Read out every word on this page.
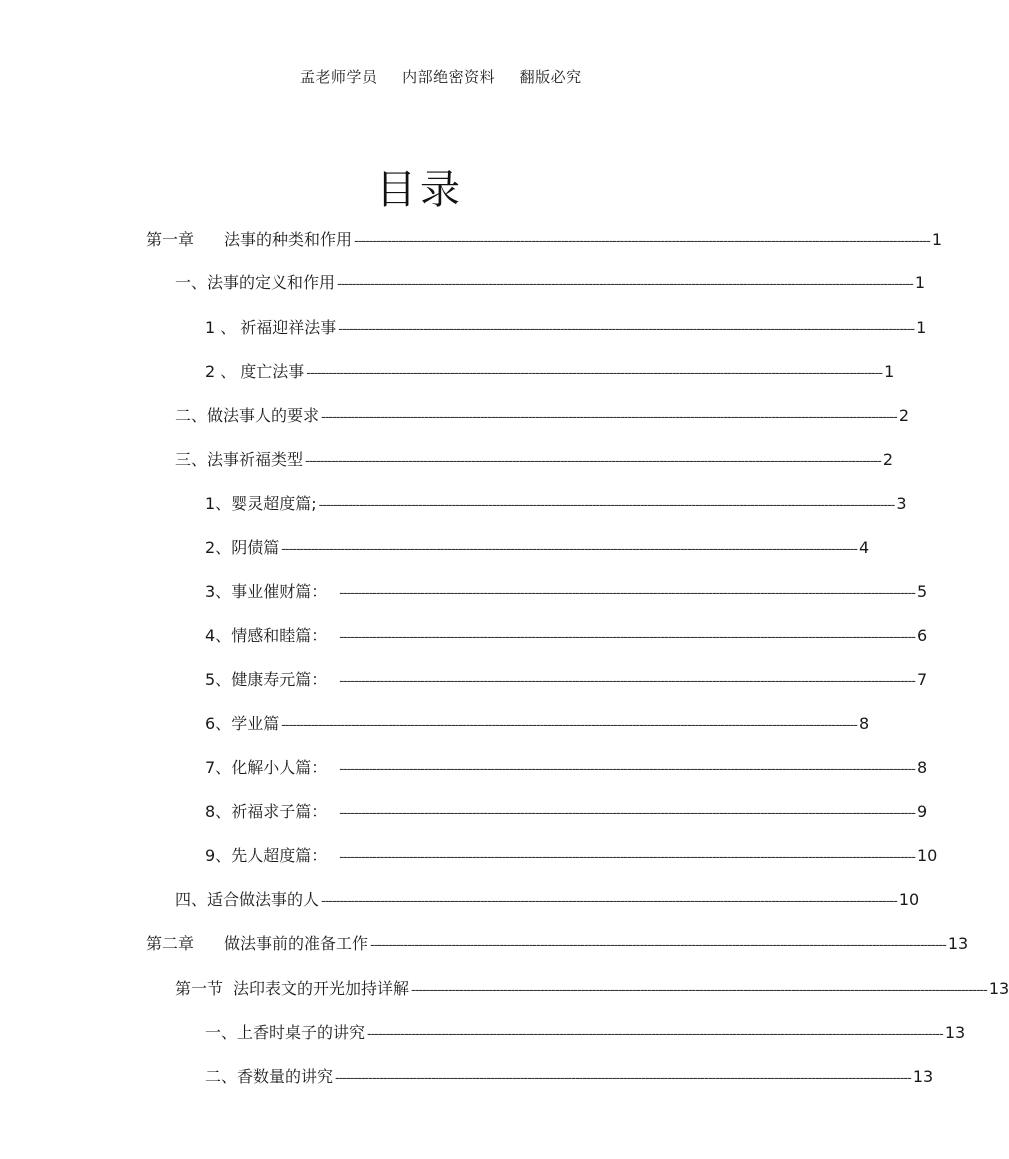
孟老师学员 内部绝密资料 翻版必究
目录
第一章 法事的种类和作用 ------------------------------------------------------------------------------------------------------------------------------------------------------------ 1
一、 法事的定义和作用 ------------------------------------------------------------------------------------------------------------------------------------------------------------ 1
1 、 祈福迎祥法事 ------------------------------------------------------------------------------------------------------------------------------------------------------------ 1
2 、 度亡法事 ------------------------------------------------------------------------------------------------------------------------------------------------------------ 1
二、 做法事人的要求 ------------------------------------------------------------------------------------------------------------------------------------------------------------ 2
三、 法事祈福类型 ------------------------------------------------------------------------------------------------------------------------------------------------------------ 2
1、 婴灵超度篇; ------------------------------------------------------------------------------------------------------------------------------------------------------------ 3
2、 阴债篇 ------------------------------------------------------------------------------------------------------------------------------------------------------------ 4
3、 事业催财篇： ------------------------------------------------------------------------------------------------------------------------------------------------------------ 5
4、 情感和睦篇： ------------------------------------------------------------------------------------------------------------------------------------------------------------ 6
5、 健康寿元篇： ------------------------------------------------------------------------------------------------------------------------------------------------------------ 7
6、 学业篇 ------------------------------------------------------------------------------------------------------------------------------------------------------------ 8
7、 化解小人篇： ------------------------------------------------------------------------------------------------------------------------------------------------------------ 8
8、 祈福求子篇： ------------------------------------------------------------------------------------------------------------------------------------------------------------ 9
9、 先人超度篇： ------------------------------------------------------------------------------------------------------------------------------------------------------------ 10
四、 适合做法事的人 ------------------------------------------------------------------------------------------------------------------------------------------------------------ 10
第二章 做法事前的准备工作 ------------------------------------------------------------------------------------------------------------------------------------------------------------ 13
第一节 法印表文的开光加持详解 ------------------------------------------------------------------------------------------------------------------------------------------------------------ 13
一、 上香时桌子的讲究 ------------------------------------------------------------------------------------------------------------------------------------------------------------ 13
二、 香数量的讲究 ------------------------------------------------------------------------------------------------------------------------------------------------------------ 13
